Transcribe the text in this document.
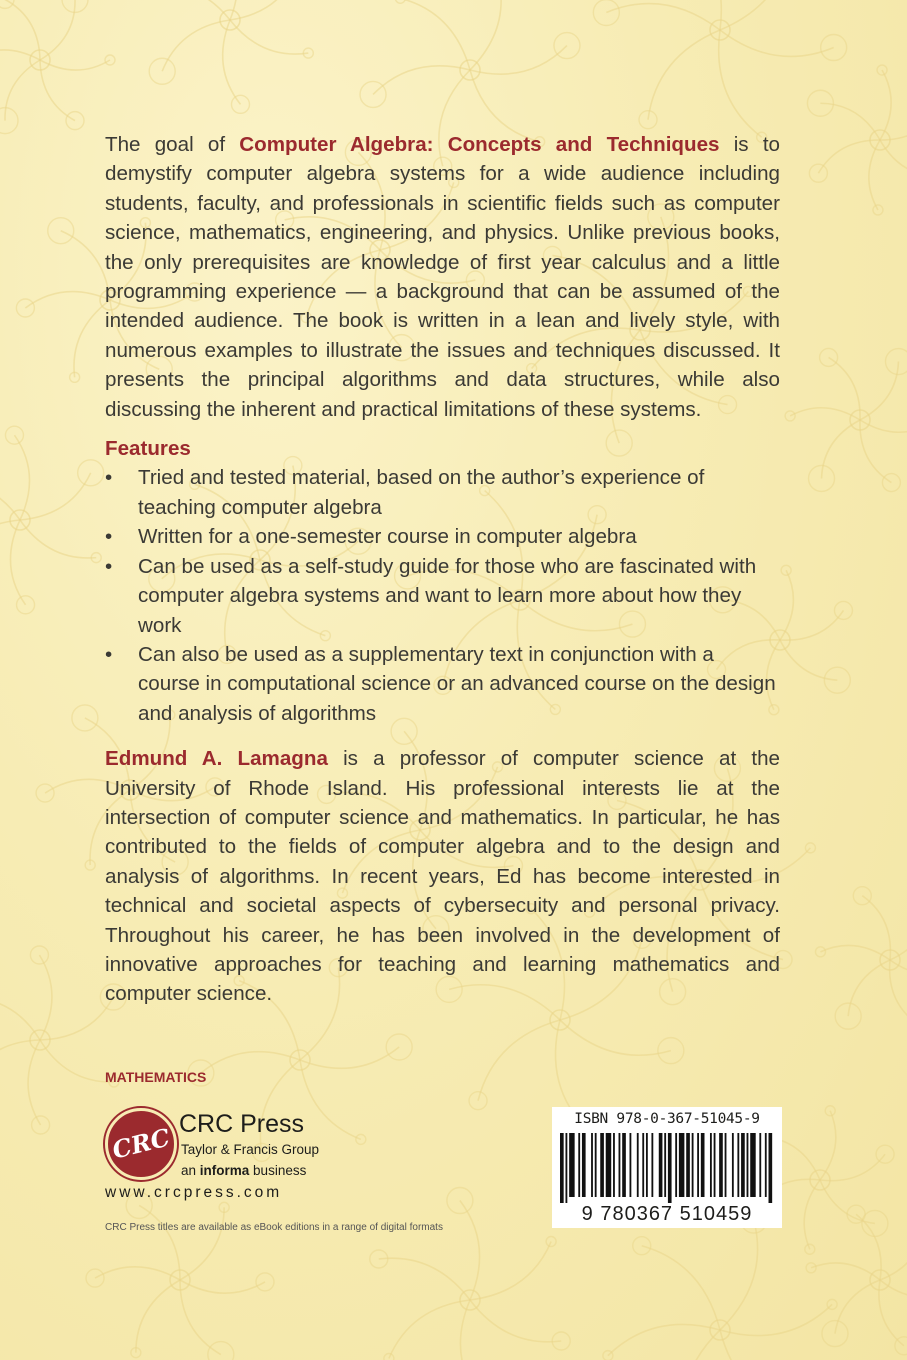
The goal of Computer Algebra: Concepts and Techniques is to demystify computer algebra systems for a wide audience including students, faculty, and professionals in scientific fields such as computer science, mathematics, engineering, and physics. Unlike previous books, the only prerequisites are knowledge of first year calculus and a little programming experience — a background that can be assumed of the intended audience. The book is written in a lean and lively style, with numerous examples to illustrate the issues and techniques discussed. It presents the principal algorithms and data structures, while also discussing the inherent and practical limitations of these systems.

Features
• Tried and tested material, based on the author’s experience of teaching computer algebra
• Written for a one-semester course in computer algebra
• Can be used as a self-study guide for those who are fascinated with computer algebra systems and want to learn more about how they work
• Can also be used as a supplementary text in conjunction with a course in computational science or an advanced course on the design and analysis of algorithms

Edmund A. Lamagna is a professor of computer science at the University of Rhode Island. His professional interests lie at the intersection of computer science and mathematics. In particular, he has contributed to the fields of computer algebra and to the design and analysis of algorithms. In recent years, Ed has become interested in technical and societal aspects of cybersecuity and personal privacy. Throughout his career, he has been involved in the development of innovative approaches for teaching and learning mathematics and computer science.

MATHEMATICS
CRC CRC Press
Taylor & Francis Group
an informa business
www.crcpress.com
CRC Press titles are available as eBook editions in a range of digital formats
ISBN 978-0-367-51045-9
9 780367 510459
